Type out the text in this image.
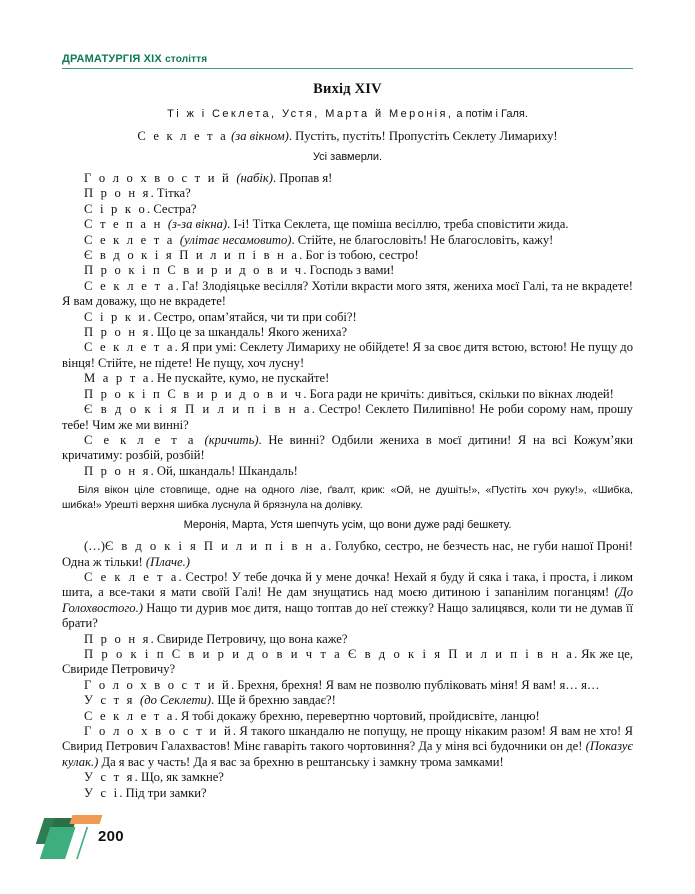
ДРАМАТУРГІЯ XIX століття
Вихід XIV
Ті ж і Секлета, Устя, Марта й Меронія, а потім і Галя.
С е к л е т а (за вікном). Пустіть, пустіть! Пропустіть Секлету Лимариху!
Усі завмерли.

Г о л о х в о с т и й (набік). Пропав я!

П р о н я. Тітка?

С і р к о. Сестра?

С т е п а н (з-за вікна). І-і! Тітка Секлета, ще поміша весіллю, треба сповістити жида.

С е к л е т а (улітає несамовито). Стійте, не благословіть! Не благословіть, кажу!

Є в д о к і я П и л и п і в н а. Бог із тобою, сестро!

П р о к і п С в и р и д о в и ч. Господь з вами!

С е к л е т а. Га! Злодіяцьке весілля? Хотіли вкрасти мого зятя, жениха моєї Галі, та не вкрадете! Я вам доважу, що не вкрадете!

С і р к и. Сестро, опам’ятайся, чи ти при собі?!

П р о н я. Що це за шкандаль! Якого жениха?

С е к л е т а. Я при умі: Секлету Лимариху не обійдете! Я за своє дитя встою, встою! Не пущу до вінця! Стійте, не підете! Не пущу, хоч лусну!

М а р т а. Не пускайте, кумо, не пускайте!

П р о к і п С в и р и д о в и ч. Бога ради не кричіть: дивіться, скільки по вікнах людей!

Є в д о к і я П и л и п і в н а. Сестро! Секлето Пилипівно! Не роби сорому нам, прошу тебе! Чим же ми винні?

С е к л е т а (кричить). Не винні? Одбили жениха в моєї дитини! Я на всі Кожум’яки кричатиму: розбій, розбій!

П р о н я. Ой, шкандаль! Шкандаль!

Біля вікон ціле стовпище, одне на одного лізе, ґвалт, крик: «Ой, не душіть!», «Пустіть хоч руку!», «Шибка, шибка!» Урешті верхня шибка луснула й брязнула на долівку.
Меронія, Марта, Устя шепчуть усім, що вони дуже раді бешкету.

(…)Є в д о к і я П и л и п і в н а. Голубко, сестро, не безчесть нас, не губи нашої Проні! Одна ж тільки! (Плаче.)

С е к л е т а. Сестро! У тебе дочка й у мене дочка! Нехай я буду й сяка і така, і проста, і ликом шита, а все-таки я мати своїй Галі! Не дам знущатись над моєю дитиною і запанілим поганцям! (До Голохвостого.) Нащо ти дурив моє дитя, нащо топтав до неї стежку? Нащо залицявся, коли ти не думав її брати?

П р о н я. Свириде Петровичу, що вона каже?

П р о к і п С в и р и д о в и ч т а Є в д о к і я П и л и п і в н а. Як же це, Свириде Петровичу?

Г о л о х в о с т и й. Брехня, брехня! Я вам не позволю публіковать міня! Я вам! я… я…

У с т я (до Секлети). Ще й брехню завдає?!

С е к л е т а. Я тобі докажу брехню, перевертню чортовий, пройдисвіте, ланцю!

Г о л о х в о с т и й. Я такого шкандалю не попущу, не прощу нікаким разом! Я вам не хто! Я Свирид Петрович Галахвастов! Мінє гаваріть такого чортовиння? Да у міня всі будочники он де! (Показує кулак.) Да я вас у часть! Да я вас за брехню в рештанську і замкну трома замками!

У с т я. Що, як замкне?

У с і. Під три замки?

200
